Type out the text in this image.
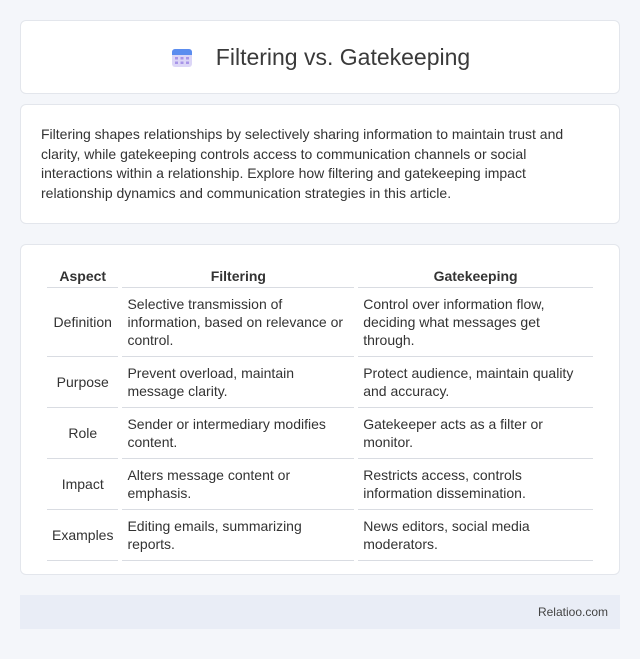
Filtering vs. Gatekeeping

Filtering shapes relationships by selectively sharing information to maintain trust and clarity, while gatekeeping controls access to communication channels or social interactions within a relationship. Explore how filtering and gatekeeping impact relationship dynamics and communication strategies in this article.

Aspect	Filtering	Gatekeeping
Definition	Selective transmission of information, based on relevance or control.	Control over information flow, deciding what messages get through.
Purpose	Prevent overload, maintain message clarity.	Protect audience, maintain quality and accuracy.
Role	Sender or intermediary modifies content.	Gatekeeper acts as a filter or monitor.
Impact	Alters message content or emphasis.	Restricts access, controls information dissemination.
Examples	Editing emails, summarizing reports.	News editors, social media moderators.
Relatioo.com
